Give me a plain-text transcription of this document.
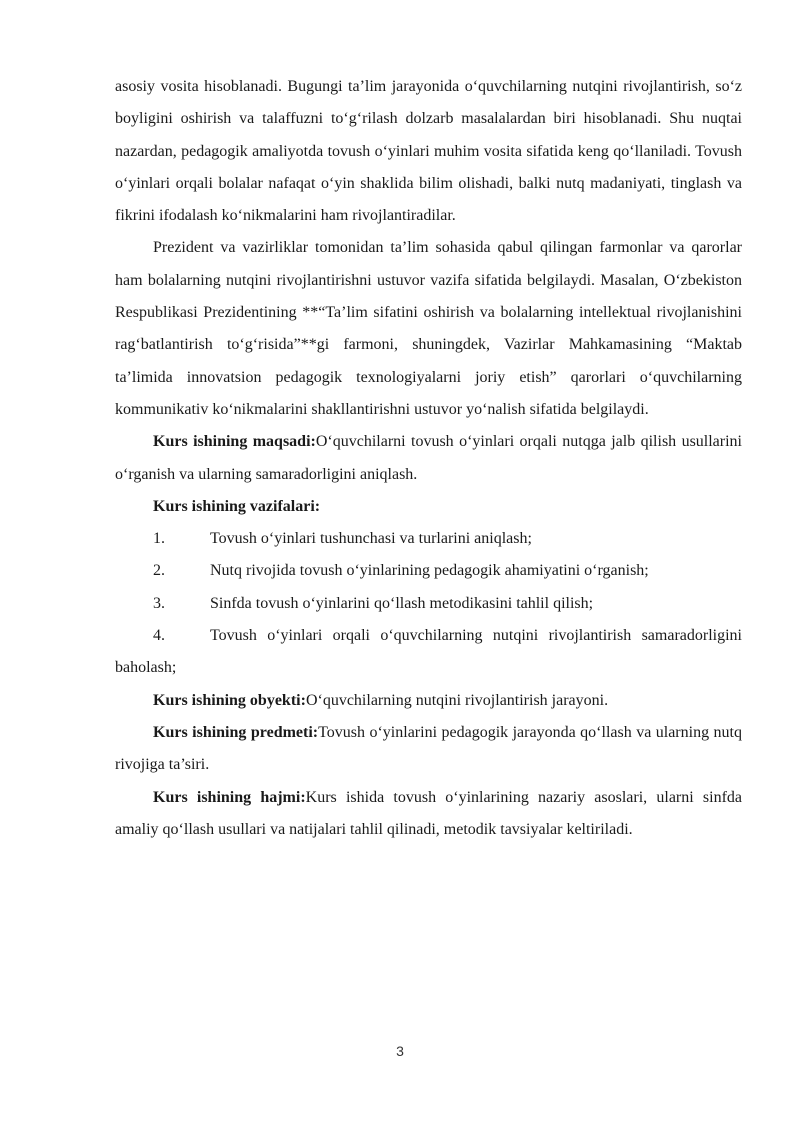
asosiy vosita hisoblanadi. Bugungi ta’lim jarayonida o‘quvchilarning nutqini rivojlantirish, so‘z boyligini oshirish va talaffuzni to‘g‘rilash dolzarb masalalardan biri hisoblanadi. Shu nuqtai nazardan, pedagogik amaliyotda tovush o‘yinlari muhim vosita sifatida keng qo‘llaniladi. Tovush o‘yinlari orqali bolalar nafaqat o‘yin shaklida bilim olishadi, balki nutq madaniyati, tinglash va fikrini ifodalash ko‘nikmalarini ham rivojlantiradilar.

Prezident va vazirliklar tomonidan ta’lim sohasida qabul qilingan farmonlar va qarorlar ham bolalarning nutqini rivojlantirishni ustuvor vazifa sifatida belgilaydi. Masalan, O‘zbekiston Respublikasi Prezidentining **“Ta’lim sifatini oshirish va bolalarning intellektual rivojlanishini rag‘batlantirish to‘g‘risida”**gi farmoni, shuningdek, Vazirlar Mahkamasining “Maktab ta’limida innovatsion pedagogik texnologiyalarni joriy etish” qarorlari o‘quvchilarning kommunikativ ko‘nikmalarini shakllantirishni ustuvor yo‘nalish sifatida belgilaydi.

Kurs ishining maqsadi:O‘quvchilarni tovush o‘yinlari orqali nutqga jalb qilish usullarini o‘rganish va ularning samaradorligini aniqlash.

Kurs ishining vazifalari:

1.	Tovush o‘yinlari tushunchasi va turlarini aniqlash;

2.	Nutq rivojida tovush o‘yinlarining pedagogik ahamiyatini o‘rganish;

3.	Sinfda tovush o‘yinlarini qo‘llash metodikasini tahlil qilish;

4.	Tovush o‘yinlari orqali o‘quvchilarning nutqini rivojlantirish samaradorligini baholash;

Kurs ishining obyekti:O‘quvchilarning nutqini rivojlantirish jarayoni.

Kurs ishining predmeti:Tovush o‘yinlarini pedagogik jarayonda qo‘llash va ularning nutq rivojiga ta’siri.

Kurs ishining hajmi:Kurs ishida tovush o‘yinlarining nazariy asoslari, ularni sinfda amaliy qo‘llash usullari va natijalari tahlil qilinadi, metodik tavsiyalar keltiriladi.

3
